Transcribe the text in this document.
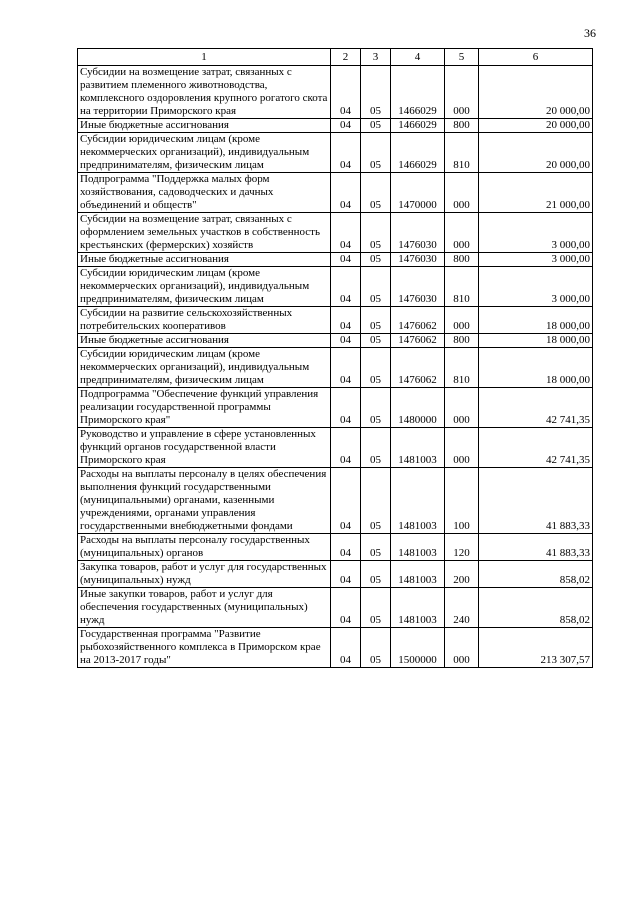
36
1	2	3	4	5	6
Субсидии на возмещение затрат, связанных с развитием племенного животноводства, комплексного оздоровления крупного рогатого скота на территории Приморского края	04	05	1466029	000	20 000,00
Иные бюджетные ассигнования	04	05	1466029	800	20 000,00
Субсидии юридическим лицам (кроме некоммерческих организаций), индивидуальным предпринимателям, физическим лицам	04	05	1466029	810	20 000,00
Подпрограмма "Поддержка малых форм хозяйствования, садоводческих и дачных объединений и обществ"	04	05	1470000	000	21 000,00
Субсидии на возмещение затрат, связанных с оформлением земельных участков в собственность крестьянских (фермерских) хозяйств	04	05	1476030	000	3 000,00
Иные бюджетные ассигнования	04	05	1476030	800	3 000,00
Субсидии юридическим лицам (кроме некоммерческих организаций), индивидуальным предпринимателям, физическим лицам	04	05	1476030	810	3 000,00
Субсидии на развитие сельскохозяйственных потребительских кооперативов	04	05	1476062	000	18 000,00
Иные бюджетные ассигнования	04	05	1476062	800	18 000,00
Субсидии юридическим лицам (кроме некоммерческих организаций), индивидуальным предпринимателям, физическим лицам	04	05	1476062	810	18 000,00
Подпрограмма "Обеспечение функций управления реализации государственной программы Приморского края"	04	05	1480000	000	42 741,35
Руководство и управление в сфере установленных функций органов государственной власти Приморского края	04	05	1481003	000	42 741,35
Расходы на выплаты персоналу в целях обеспечения выполнения функций государственными (муниципальными) органами, казенными учреждениями, органами управления государственными внебюджетными фондами	04	05	1481003	100	41 883,33
Расходы на выплаты персоналу государственных (муниципальных) органов	04	05	1481003	120	41 883,33
Закупка товаров, работ и услуг для государственных (муниципальных) нужд	04	05	1481003	200	858,02
Иные закупки товаров, работ и услуг для обеспечения государственных (муниципальных) нужд	04	05	1481003	240	858,02
Государственная программа "Развитие рыбохозяйственного комплекса в Приморском крае на 2013-2017 годы"	04	05	1500000	000	213 307,57
